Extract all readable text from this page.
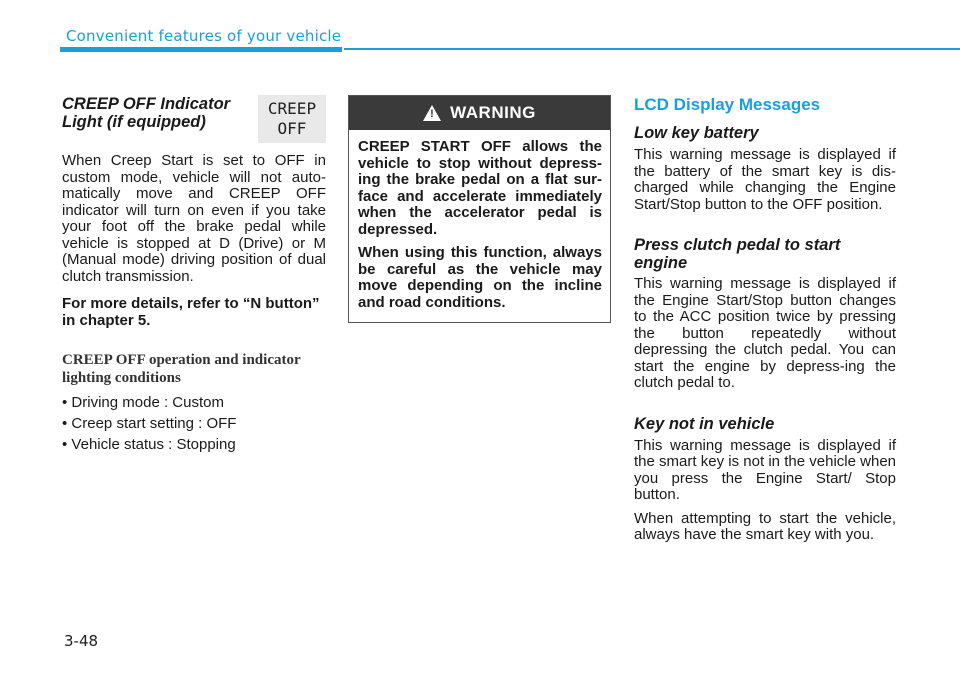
Convenient features of your vehicle

CREEP OFF Indicator

Light (if equipped)

When Creep Start is set to OFF in custom mode, vehicle will not auto-matically move and CREEP OFF indicator will turn on even if you take your foot off the brake pedal while vehicle is stopped at D (Drive) or M (Manual mode) driving position of dual clutch transmission.

For more details, refer to “N button” in chapter 5.

CREEP OFF operation and indicator

lighting conditions

• Driving mode : Custom

• Creep start setting : OFF

• Vehicle status : Stopping

CREEP
OFF
! WARNING

CREEP START OFF allows the vehicle to stop without depress-ing the brake pedal on a flat sur-face and accelerate immediately when the accelerator pedal is depressed.

When using this function, always be careful as the vehicle may move depending on the incline and road conditions.

LCD Display Messages

Low key battery

This warning message is displayed if the battery of the smart key is dis-charged while changing the Engine Start/Stop button to the OFF position.

Press clutch pedal to start

engine

This warning message is displayed if the Engine Start/Stop button changes to the ACC position twice by pressing the button repeatedly without depressing the clutch pedal. You can start the engine by depress-ing the clutch pedal to.

Key not in vehicle

This warning message is displayed if the smart key is not in the vehicle when you press the Engine Start/ Stop button.

When attempting to start the vehicle, always have the smart key with you.

3-48
